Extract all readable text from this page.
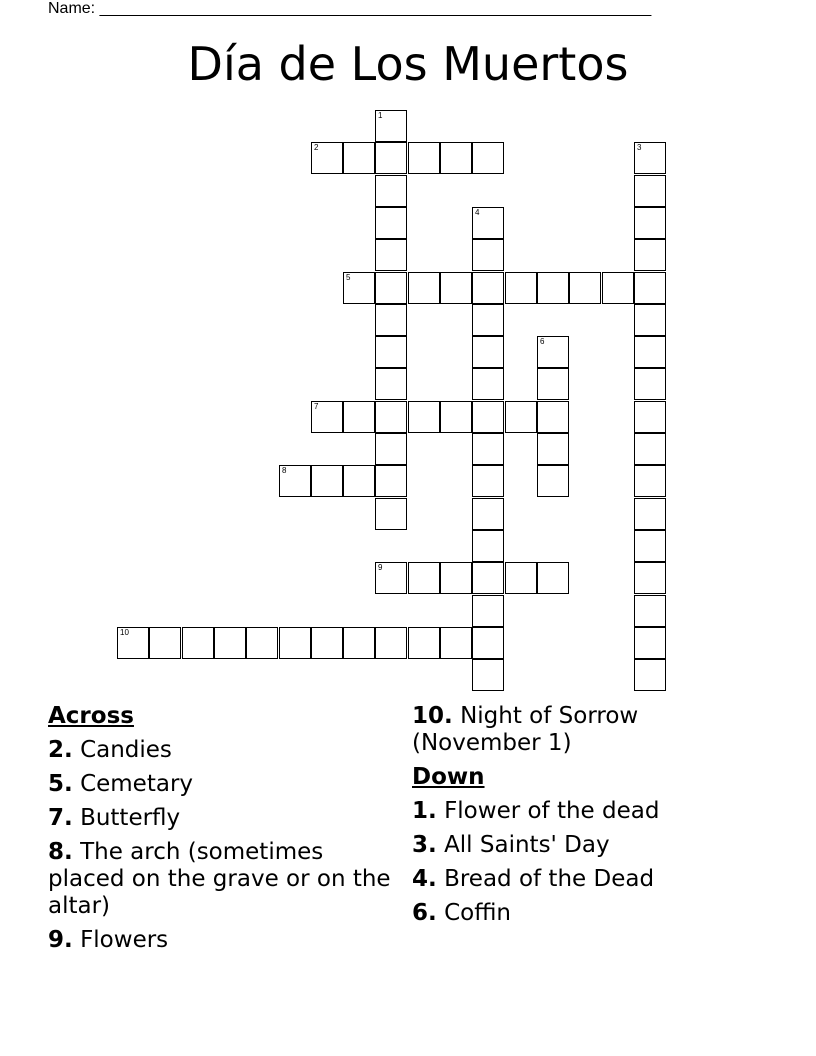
Name: ______________________________________________________________
Día de Los Muertos
1
2	3
4
5
6
7
8
9
10
Across
2. Candies
5. Cemetary
7. Butterfly
8. The arch (sometimes placed on the grave or on the altar)
9. Flowers
10. Night of Sorrow (November 1)
Down
1. Flower of the dead
3. All Saints' Day
4. Bread of the Dead
6. Coffin
